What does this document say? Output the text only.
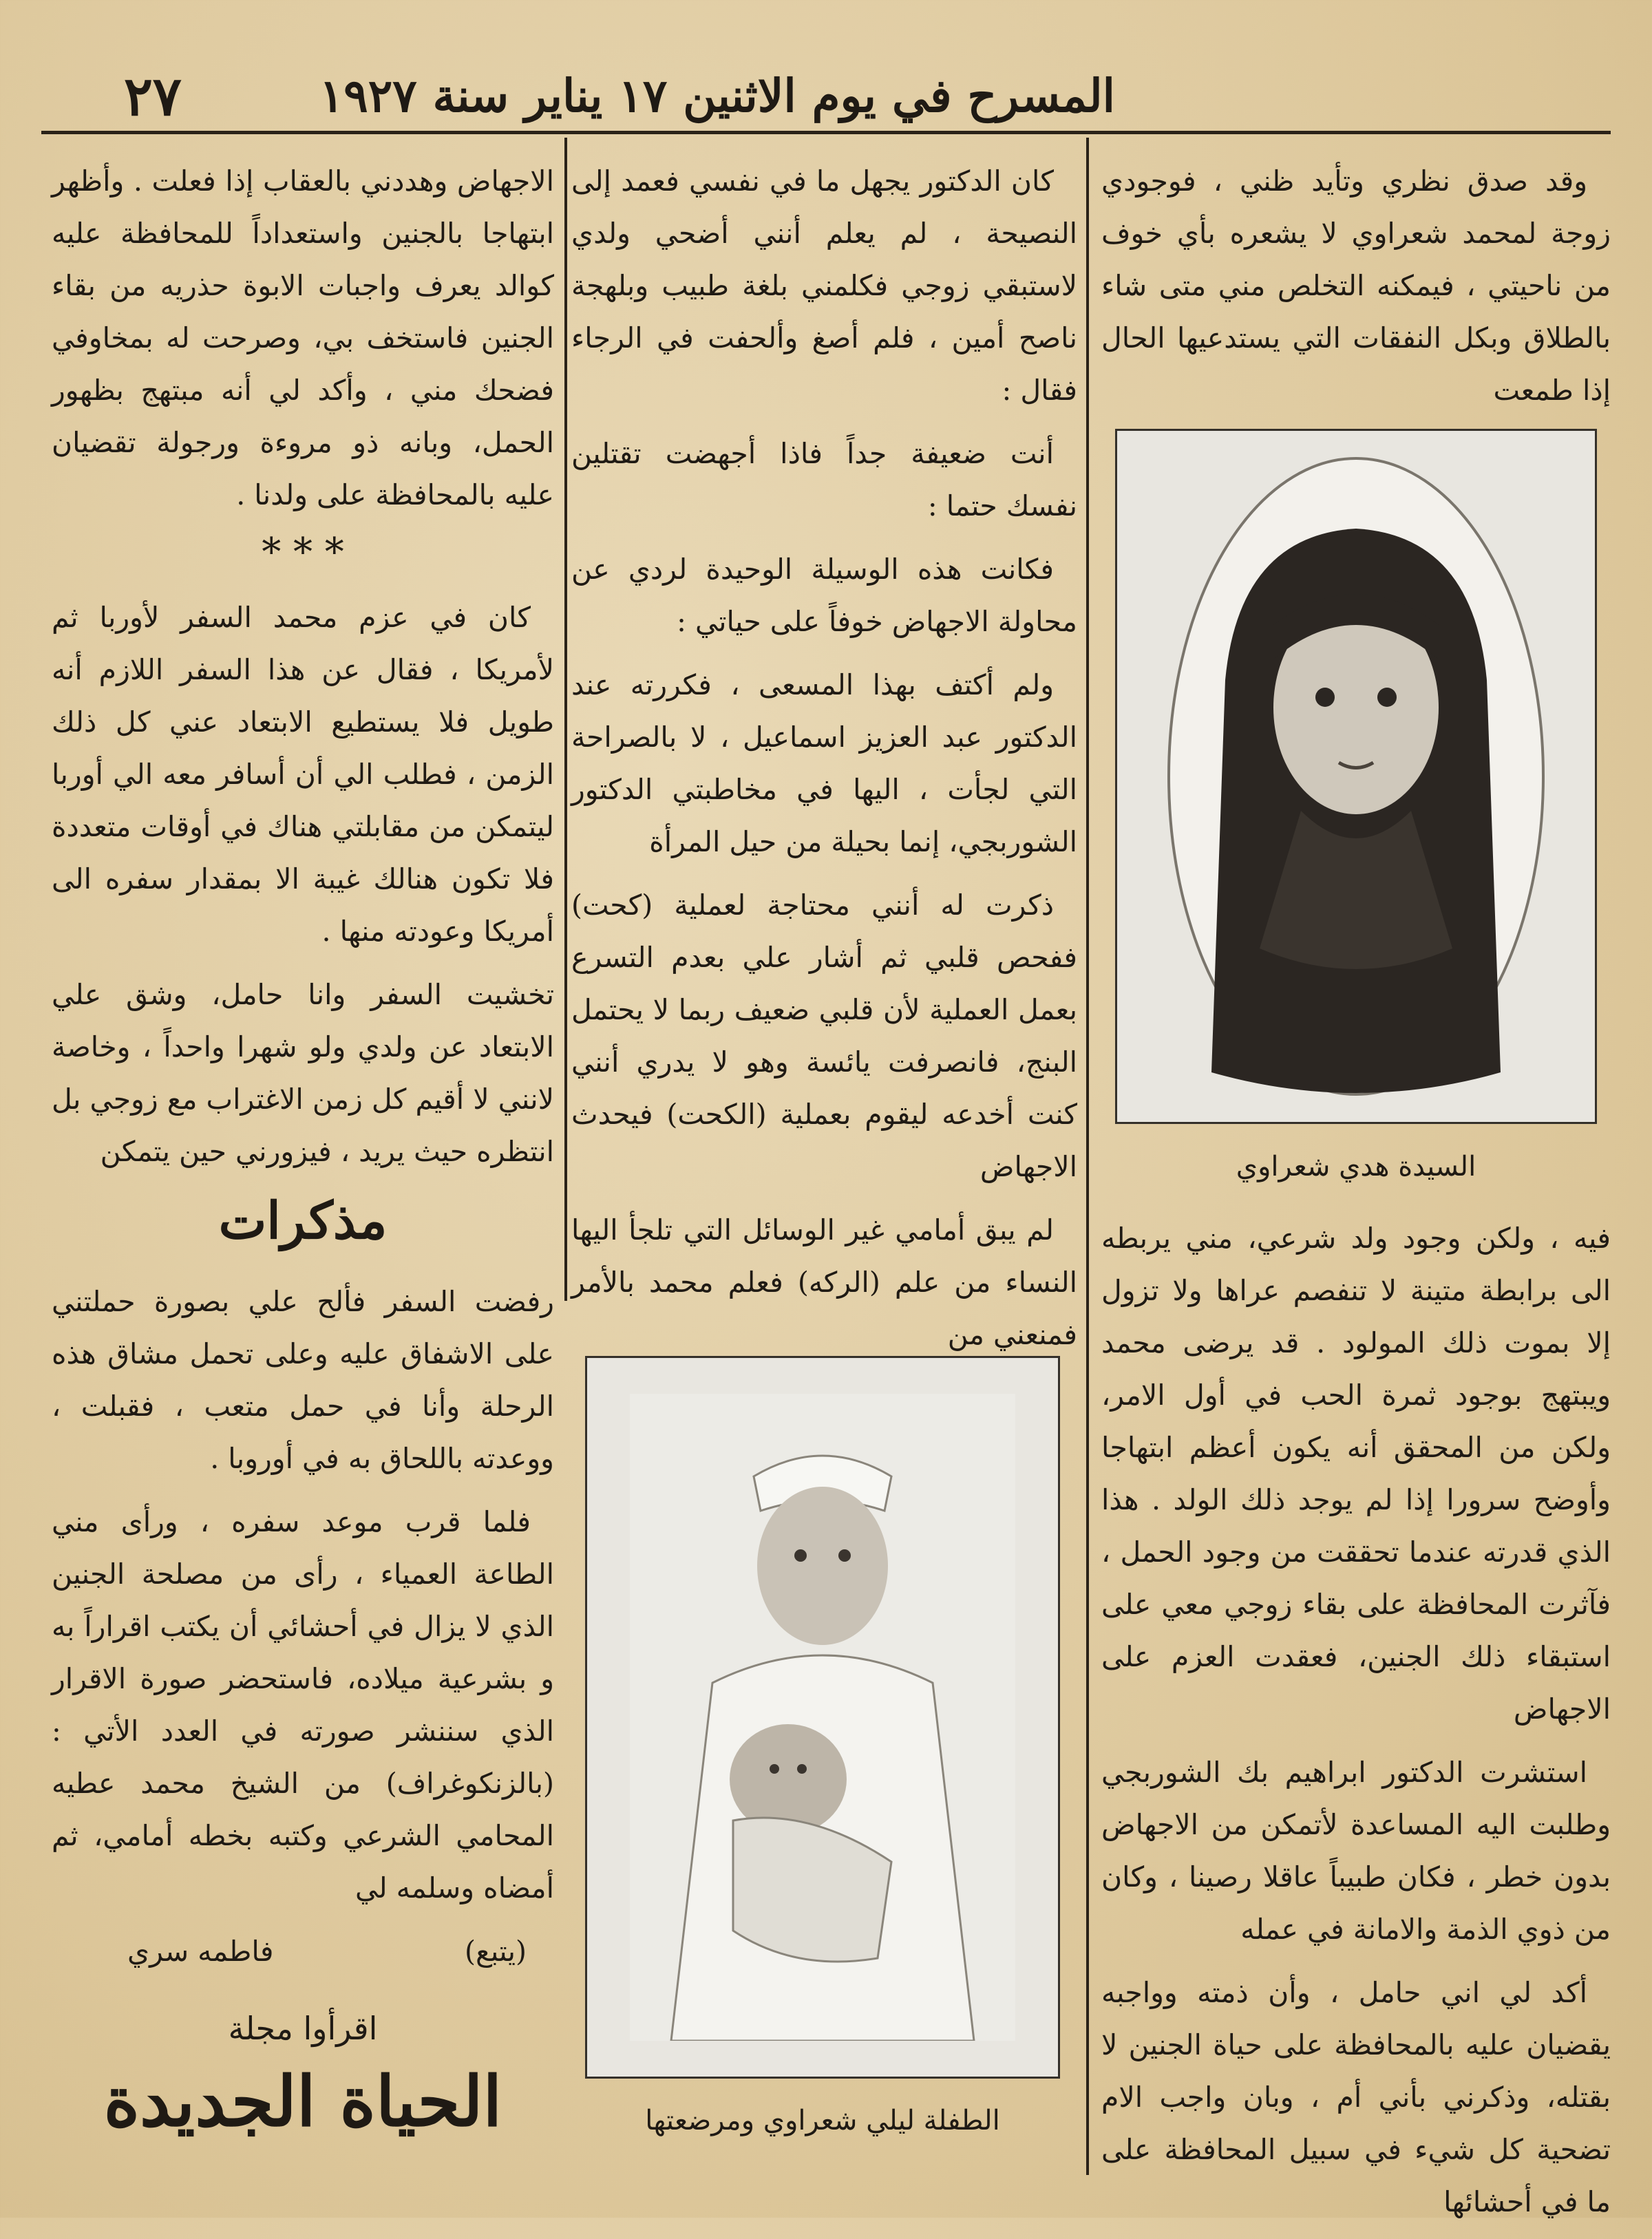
٢٧	المسرح في يوم الاثنين ١٧ يناير سنة ١٩٢٧

وقد صدق نظري وتأيد ظني ، فوجودي زوجة لمحمد شعراوي لا يشعره بأي خوف من ناحيتي ، فيمكنه التخلص مني متى شاء بالطلاق وبكل النفقات التي يستدعيها الحال إذا طمعت

السيدة هدي شعراوي

فيه ، ولكن وجود ولد شرعي، مني يربطه الى برابطة متينة لا تنفصم عراها ولا تزول إلا بموت ذلك المولود . قد يرضى محمد ويبتهج بوجود ثمرة الحب في أول الامر، ولكن من المحقق أنه يكون أعظم ابتهاجا وأوضح سرورا إذا لم يوجد ذلك الولد . هذا الذي قدرته عندما تحققت من وجود الحمل ، فآثرت المحافظة على بقاء زوجي معي على استبقاء ذلك الجنين، فعقدت العزم على الاجهاض

استشرت الدكتور ابراهيم بك الشوربجي وطلبت اليه المساعدة لأتمكن من الاجهاض بدون خطر ، فكان طبيباً عاقلا رصينا ، وكان من ذوي الذمة والامانة في عمله

أكد لي اني حامل ، وأن ذمته وواجبه يقضيان عليه بالمحافظة على حياة الجنين لا بقتله، وذكرني بأني أم ، وبان واجب الام تضحية كل شيء في سبيل المحافظة على ما في أحشائها

كان الدكتور يجهل ما في نفسي فعمد إلى النصيحة ، لم يعلم أنني أضحي ولدي لاستبقي زوجي فكلمني بلغة طبيب وبلهجة ناصح أمين ، فلم أصغ وألحفت في الرجاء فقال :

أنت ضعيفة جداً فاذا أجهضت تقتلين نفسك حتما :

فكانت هذه الوسيلة الوحيدة لردي عن محاولة الاجهاض خوفاً على حياتي :

ولم أكتف بهذا المسعى ، فكررته عند الدكتور عبد العزيز اسماعيل ، لا بالصراحة التي لجأت ، اليها في مخاطبتي الدكتور الشوربجي، إنما بحيلة من حيل المرأة

ذكرت له أنني محتاجة لعملية (كحت) ففحص قلبي ثم أشار علي بعدم التسرع بعمل العملية لأن قلبي ضعيف ربما لا يحتمل البنج، فانصرفت يائسة وهو لا يدري أنني كنت أخدعه ليقوم بعملية (الكحت) فيحدث الاجهاض

لم يبق أمامي غير الوسائل التي تلجأ اليها النساء من علم (الركه) فعلم محمد بالأمر فمنعني من

الطفلة ليلي شعراوي ومرضعتها

الاجهاض وهددني بالعقاب إذا فعلت . وأظهر ابتهاجا بالجنين واستعداداً للمحافظة عليه كوالد يعرف واجبات الابوة حذريه من بقاء الجنين فاستخف بي، وصرحت له بمخاوفي فضحك مني ، وأكد لي أنه مبتهج بظهور الحمل، وبانه ذو مروءة ورجولة تقضيان عليه بالمحافظة على ولدنا .

* * *

كان في عزم محمد السفر لأوربا ثم لأمريكا ، فقال عن هذا السفر اللازم أنه طويل فلا يستطيع الابتعاد عني كل ذلك الزمن ، فطلب الي أن أسافر معه الي أوربا ليتمكن من مقابلتي هناك في أوقات متعددة فلا تكون هنالك غيبة الا بمقدار سفره الى أمريكا وعودته منها .

تخشيت السفر وانا حامل، وشق علي الابتعاد عن ولدي ولو شهرا واحداً ، وخاصة لانني لا أقيم كل زمن الاغتراب مع زوجي بل انتظره حيث يريد ، فيزورني حين يتمكن

مذكرات

رفضت السفر فألح علي بصورة حملتني على الاشفاق عليه وعلى تحمل مشاق هذه الرحلة وأنا في حمل متعب ، فقبلت ، ووعدته باللحاق به في أوروبا .

فلما قرب موعد سفره ، ورأى مني الطاعة العمياء ، رأى من مصلحة الجنين الذي لا يزال في أحشائي أن يكتب اقراراً به و بشرعية ميلاده، فاستحضر صورة الاقرار الذي سننشر صورته في العدد الأتي : (بالزنكوغراف) من الشيخ محمد عطيه المحامي الشرعي وكتبه بخطه أمامي، ثم أمضاه وسلمه لي

(يتبع)
فاطمه سري
اقرأوا مجلة
الحياة الجديدة
